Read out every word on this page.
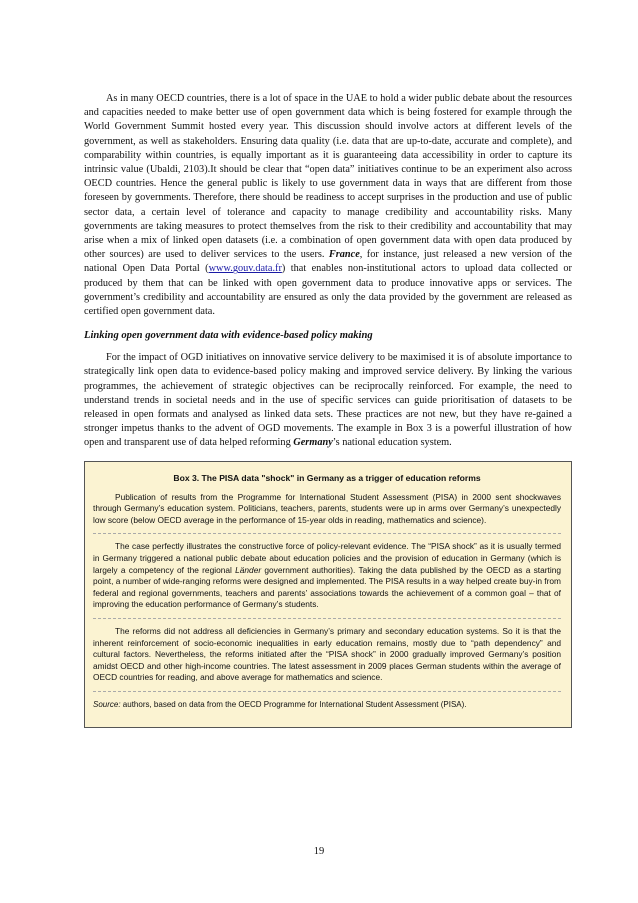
As in many OECD countries, there is a lot of space in the UAE to hold a wider public debate about the resources and capacities needed to make better use of open government data which is being fostered for example through the World Government Summit hosted every year. This discussion should involve actors at different levels of the government, as well as stakeholders. Ensuring data quality (i.e. data that are up-to-date, accurate and complete), and comparability within countries, is equally important as it is guaranteeing data accessibility in order to capture its intrinsic value (Ubaldi, 2103).It should be clear that “open data” initiatives continue to be an experiment also across OECD countries. Hence the general public is likely to use government data in ways that are different from those foreseen by governments. Therefore, there should be readiness to accept surprises in the production and use of public sector data, a certain level of tolerance and capacity to manage credibility and accountability risks. Many governments are taking measures to protect themselves from the risk to their credibility and accountability that may arise when a mix of linked open datasets (i.e. a combination of open government data with open data produced by other sources) are used to deliver services to the users. France, for instance, just released a new version of the national Open Data Portal (www.gouv.data.fr) that enables non-institutional actors to upload data collected or produced by them that can be linked with open government data to produce innovative apps or services. The government’s credibility and accountability are ensured as only the data provided by the government are released as certified open government data.

Linking open government data with evidence-based policy making

For the impact of OGD initiatives on innovative service delivery to be maximised it is of absolute importance to strategically link open data to evidence-based policy making and improved service delivery. By linking the various programmes, the achievement of strategic objectives can be reciprocally reinforced. For example, the need to understand trends in societal needs and in the use of specific services can guide prioritisation of datasets to be released in open formats and analysed as linked data sets. These practices are not new, but they have re-gained a stronger impetus thanks to the advent of OGD movements. The example in Box 3 is a powerful illustration of how open and transparent use of data helped reforming Germany’s national education system.

Box 3. The PISA data "shock" in Germany as a trigger of education reforms

Publication of results from the Programme for International Student Assessment (PISA) in 2000 sent shockwaves through Germany’s education system. Politicians, teachers, parents, students were up in arms over Germany’s unexpectedly low score (below OECD average in the performance of 15-year olds in reading, mathematics and science).

The case perfectly illustrates the constructive force of policy-relevant evidence. The “PISA shock” as it is usually termed in Germany triggered a national public debate about education policies and the provision of education in Germany (which is largely a competency of the regional Länder government authorities). Taking the data published by the OECD as a starting point, a number of wide-ranging reforms were designed and implemented. The PISA results in a way helped create buy-in from federal and regional governments, teachers and parents’ associations towards the achievement of a common goal – that of improving the education performance of Germany’s students.

The reforms did not address all deficiencies in Germany’s primary and secondary education systems. So it is that the inherent reinforcement of socio-economic inequalities in early education remains, mostly due to “path dependency” and cultural factors. Nevertheless, the reforms initiated after the “PISA shock” in 2000 gradually improved Germany’s position amidst OECD and other high-income countries. The latest assessment in 2009 places German students within the average of OECD countries for reading, and above average for mathematics and science.

Source: authors, based on data from the OECD Programme for International Student Assessment (PISA).

19
